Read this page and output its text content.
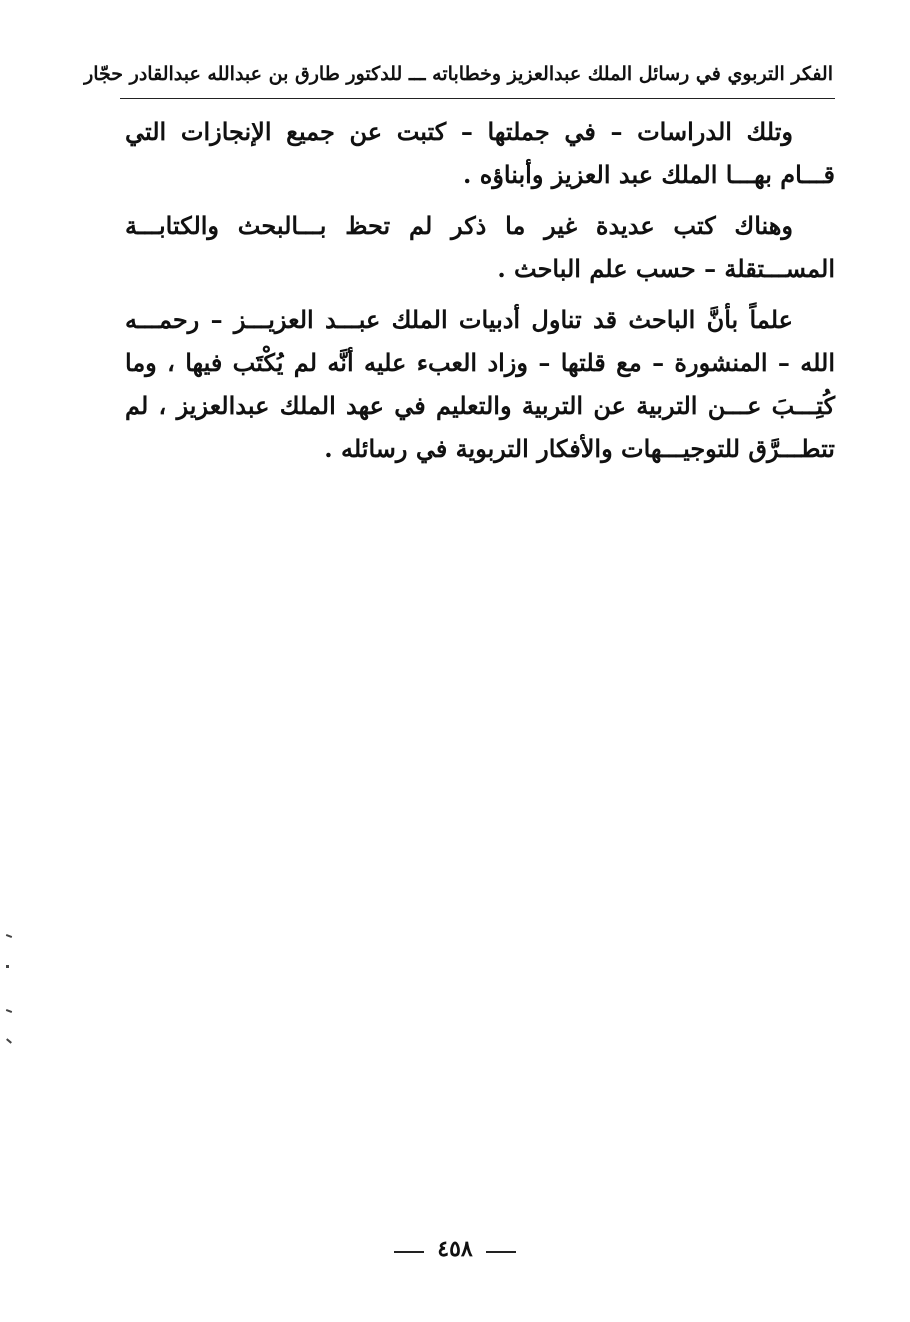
الفكر التربوي في رسائل الملك عبدالعزيز وخطاباته ـــ للدكتور طارق بن عبدالله عبدالقادر حجّار

وتلك الدراسات – في جملتها – كتبت عن جميع الإنجازات التي قـــام بهـــا الملك عبد العزيز وأبناؤه .

وهناك كتب عديدة غير ما ذكر لم تحظ بـــالبحث والكتابـــة المســـتقلة – حسب علم الباحث .

علماً بأنَّ الباحث قد تناول أدبيات الملك عبـــد العزيـــز – رحمـــه الله – المنشورة – مع قلتها – وزاد العبء عليه أنَّه لم يُكْتَب فيها ، وما كُتِـــبَ عـــن التربية عن التربية والتعليم في عهد الملك عبدالعزيز ، لم تتطـــرَّق للتوجيـــهات والأفكار التربوية في رسائله .

٤٥٨
